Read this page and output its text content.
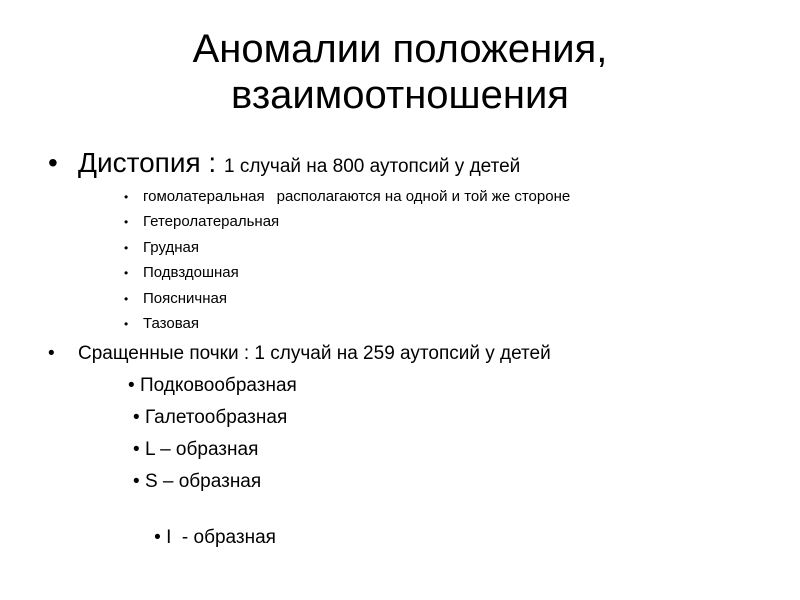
Аномалии положения,
взаимоотношения
• Дистопия : 1 случай на 800 аутопсий у детей
• гомолатеральная располагаются на одной и той же стороне
• Гетеролатеральная
• Грудная
• Подвздошная
• Поясничная
• Тазовая
• Сращенные почки : 1 случай на 259 аутопсий у детей
• Подковообразная
• Галетообразная
• L – образная
• S – образная

• I  - образная
